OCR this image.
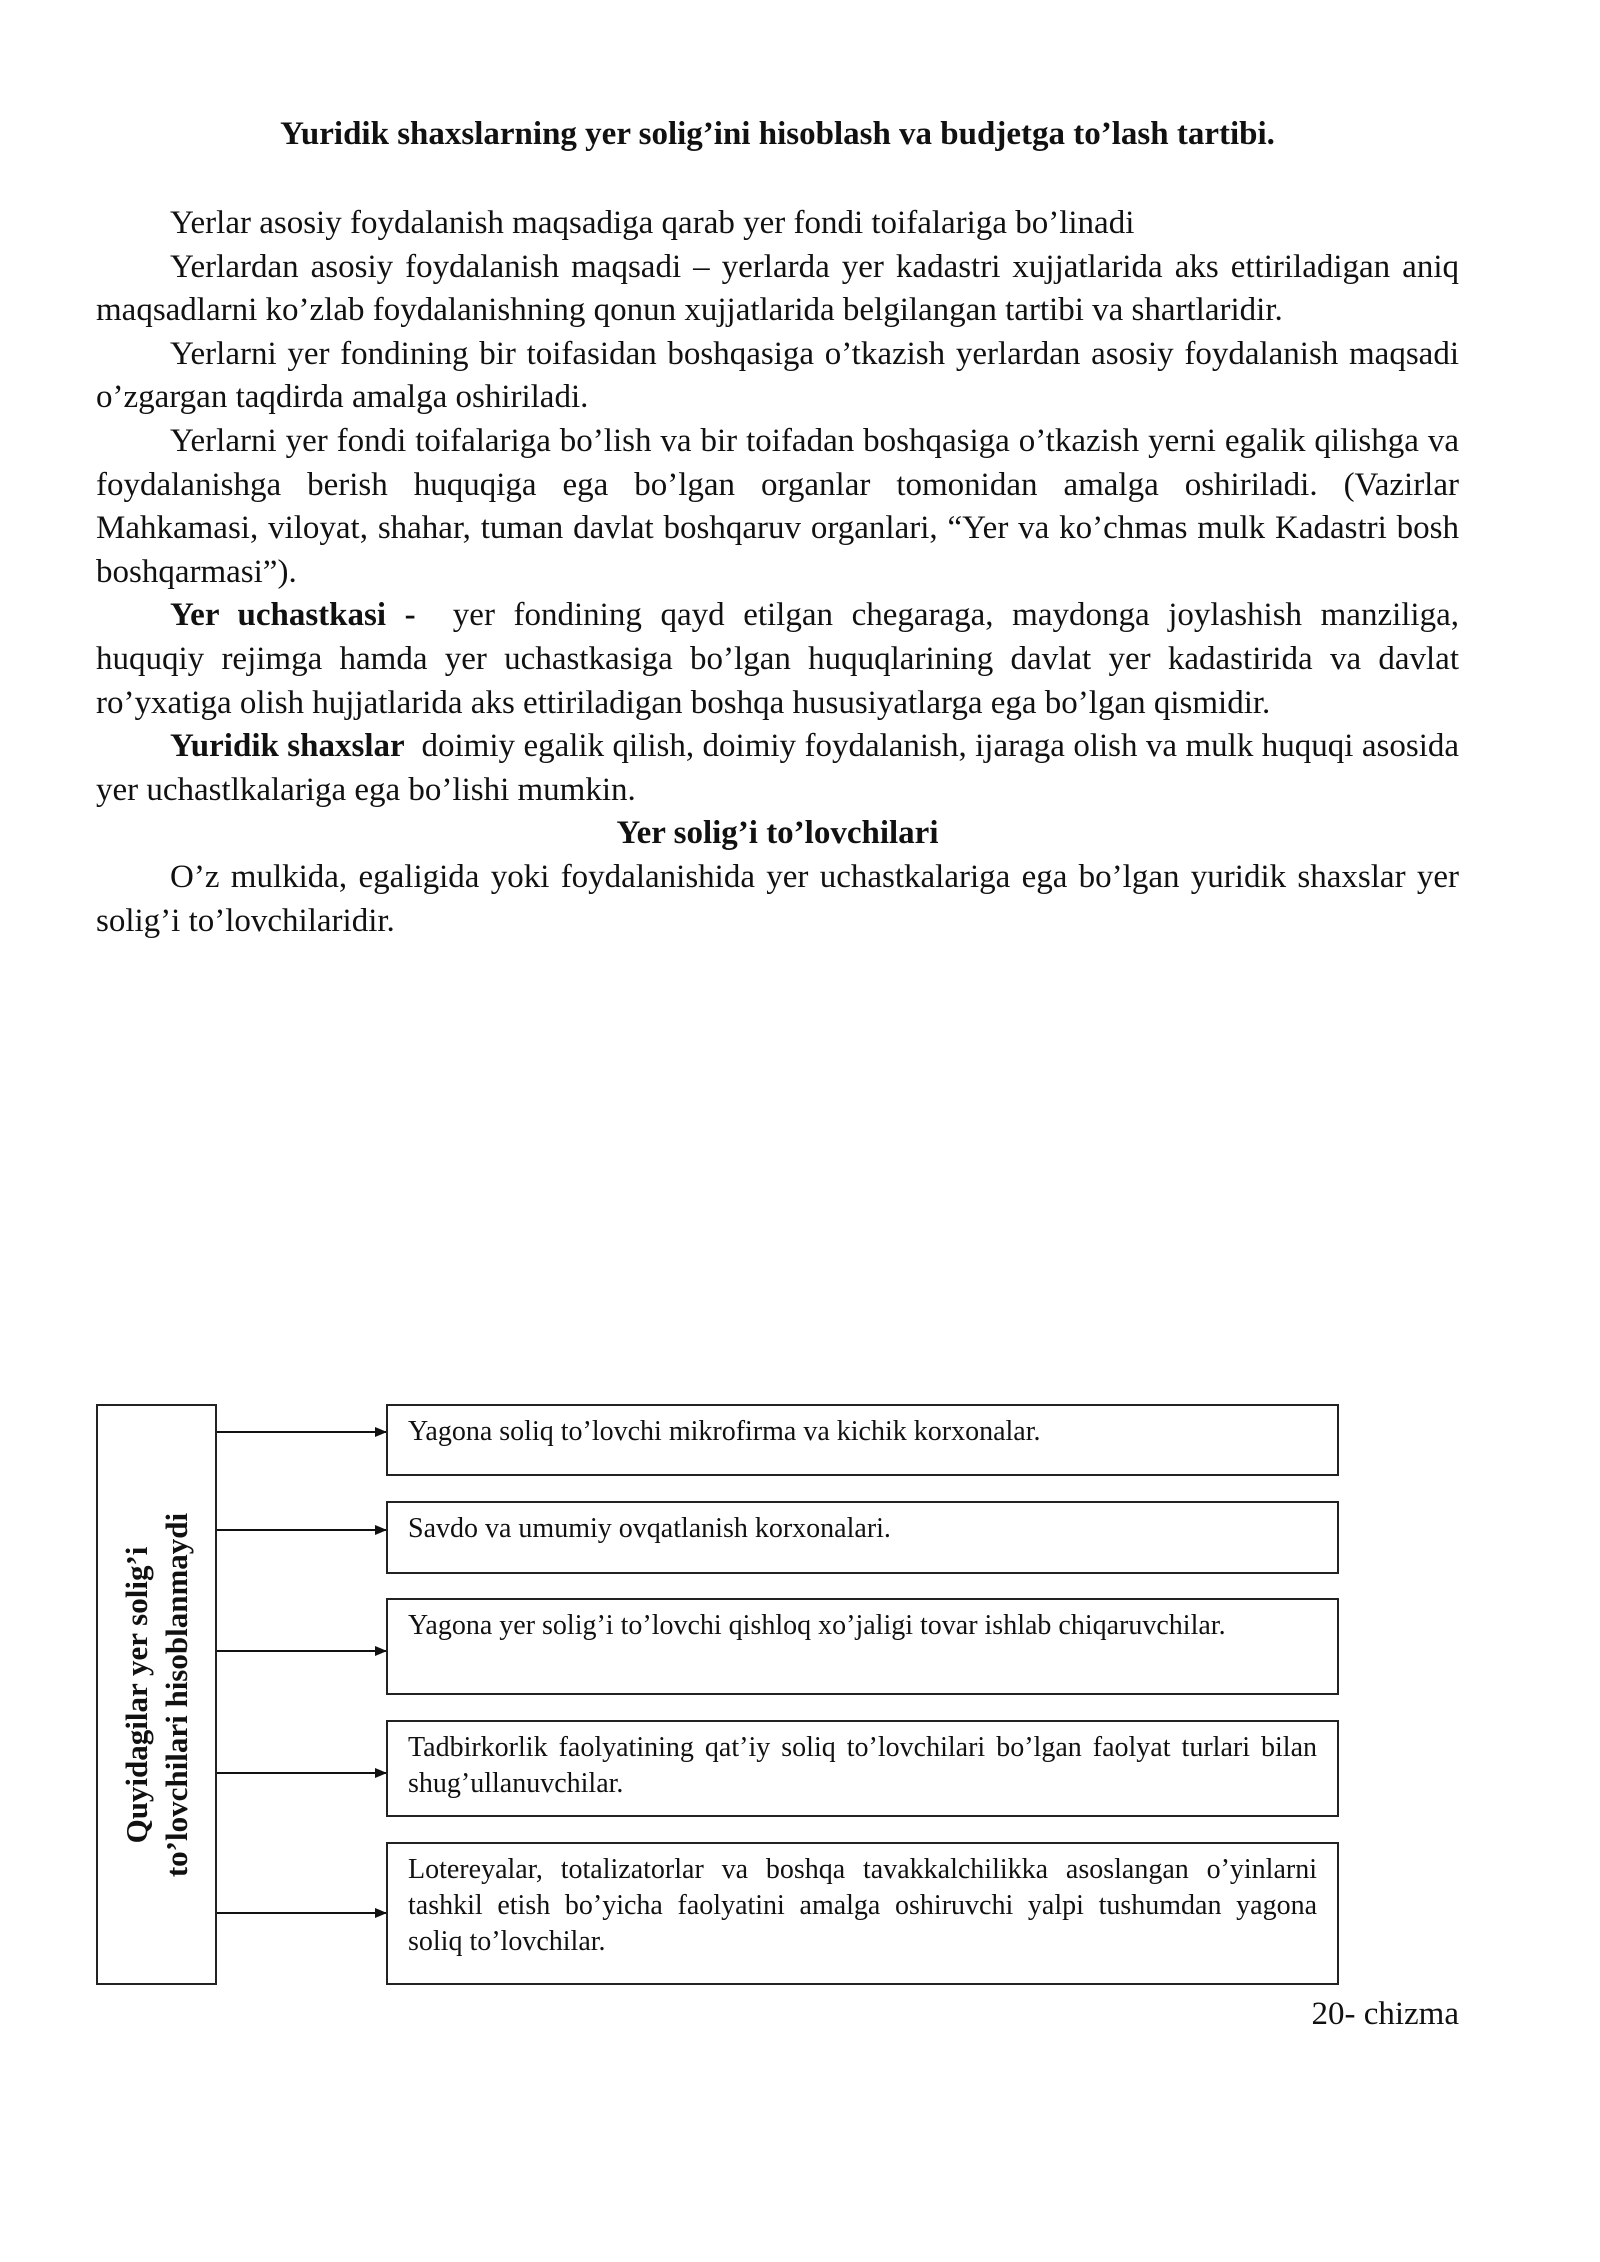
Yuridik shaxslarning yer solig’ini hisoblash va budjetga to’lash tartibi.

Yerlar asosiy foydalanish maqsadiga qarab yer fondi toifalariga bo’linadi

Yerlardan asosiy foydalanish maqsadi – yerlarda yer kadastri xujjatlarida aks ettiriladigan aniq maqsadlarni ko’zlab foydalanishning qonun xujjatlarida belgilangan tartibi va shartlaridir.

Yerlarni yer fondining bir toifasidan boshqasiga o’tkazish yerlardan asosiy foydalanish maqsadi o’zgargan taqdirda amalga oshiriladi.

Yerlarni yer fondi toifalariga bo’lish va bir toifadan boshqasiga o’tkazish yerni egalik qilishga va foydalanishga berish huquqiga ega bo’lgan organlar tomonidan amalga oshiriladi. (Vazirlar Mahkamasi, viloyat, shahar, tuman davlat boshqaruv organlari, “Yer va ko’chmas mulk Kadastri bosh boshqarmasi”).

Yer uchastkasi - yer fondining qayd etilgan chegaraga, maydonga joylashish manziliga, huquqiy rejimga hamda yer uchastkasiga bo’lgan huquqlarining davlat yer kadastirida va davlat ro’yxatiga olish hujjatlarida aks ettiriladigan boshqa hususiyatlarga ega bo’lgan qismidir.

Yuridik shaxslar doimiy egalik qilish, doimiy foydalanish, ijaraga olish va mulk huquqi asosida yer uchastlkalariga ega bo’lishi mumkin.

Yer solig’i to’lovchilari

O’z mulkida, egaligida yoki foydalanishida yer uchastkalariga ega bo’lgan yuridik shaxslar yer solig’i to’lovchilaridir.

Quyidagilar yer solig’i to’lovchilari hisoblanmaydi
Yagona soliq to’lovchi mikrofirma va kichik korxonalar.
Savdo va umumiy ovqatlanish korxonalari.
Yagona yer solig’i to’lovchi qishloq xo’jaligi tovar ishlab chiqaruvchilar.
Tadbirkorlik faolyatining qat’iy soliq to’lovchilari bo’lgan faolyat turlari bilan shug’ullanuvchilar.
Lotereyalar, totalizatorlar va boshqa tavakkalchilikka asoslangan o’yinlarni tashkil etish bo’yicha faolyatini amalga oshiruvchi yalpi tushumdan yagona soliq to’lovchilar.
20- chizma
